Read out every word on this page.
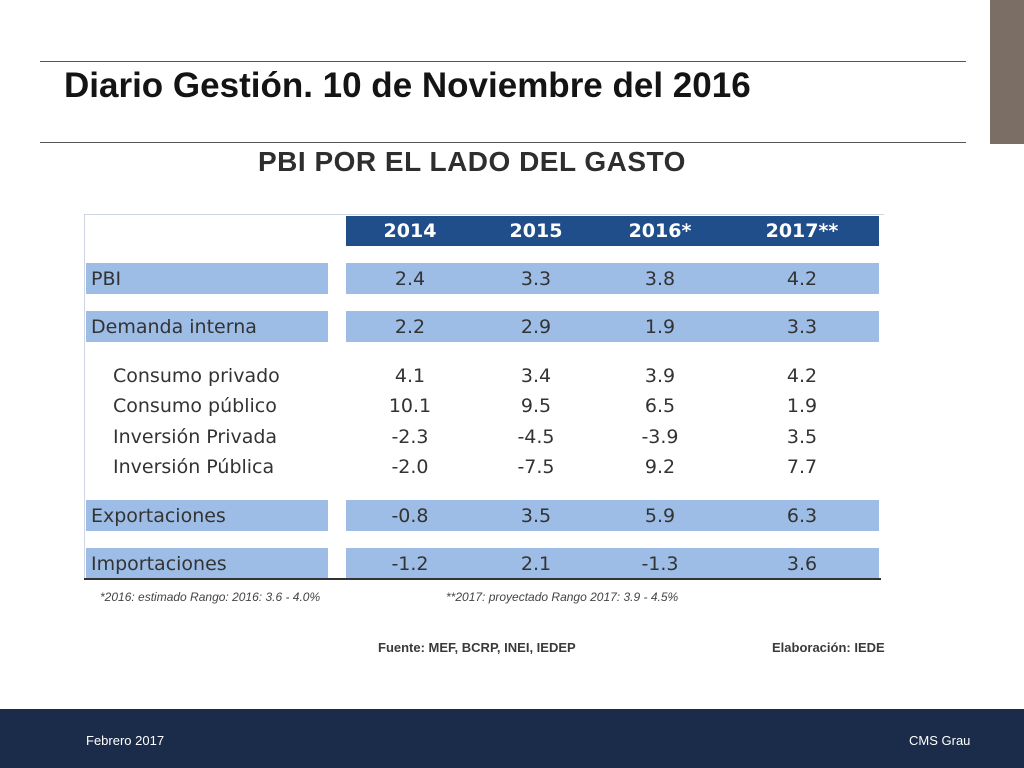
Diario Gestión. 10 de Noviembre del 2016
PBI POR EL LADO DEL GASTO
2014	2015	2016*	2017**
PBI	2.4	3.3	3.8	4.2
Demanda interna	2.2	2.9	1.9	3.3
Consumo privado	4.1	3.4	3.9	4.2
Consumo público	10.1	9.5	6.5	1.9
Inversión Privada	-2.3	-4.5	-3.9	3.5
Inversión Pública	-2.0	-7.5	9.2	7.7
Exportaciones	-0.8	3.5	5.9	6.3
Importaciones	-1.2	2.1	-1.3	3.6
*2016: estimado Rango: 2016: 3.6 - 4.0%	**2017: proyectado Rango 2017: 3.9 - 4.5%
Fuente: MEF, BCRP, INEI, IEDEP	Elaboración: IEDE
Febrero 2017	CMS Grau
